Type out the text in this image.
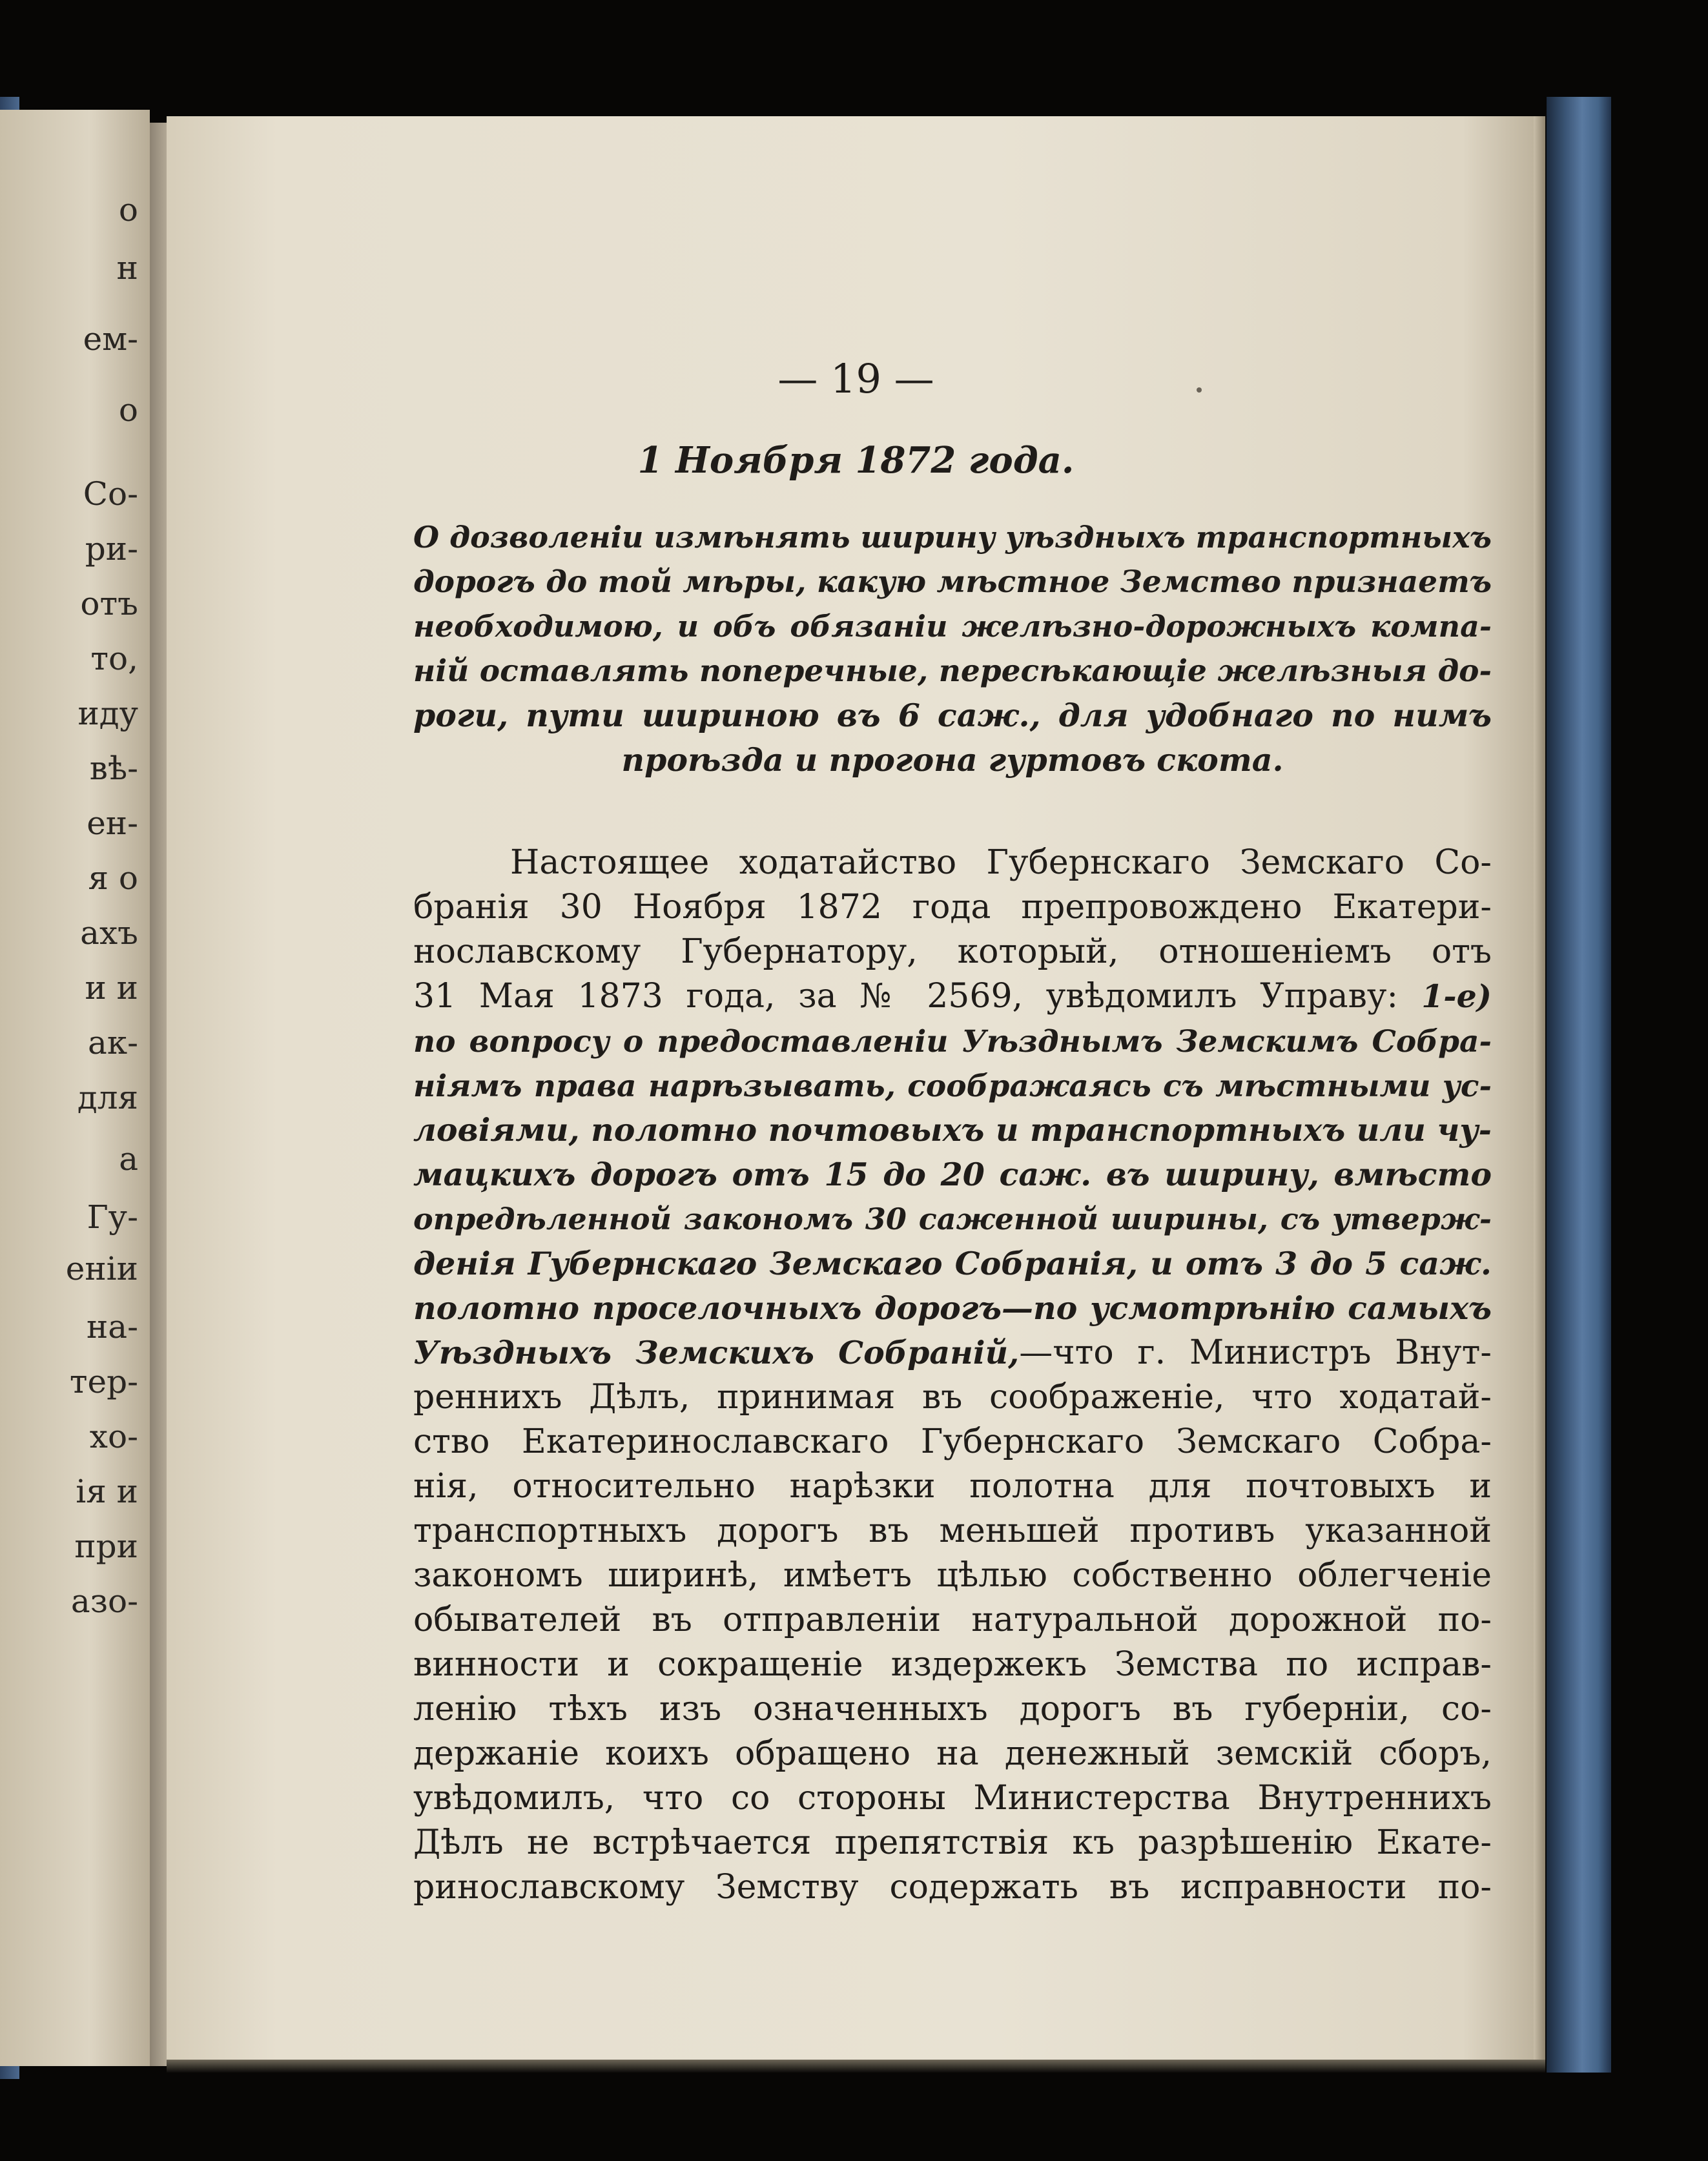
о
н
ем-
о
Со-
ри-
отъ
то,
иду
вѣ-
ен-
я о
ахъ
и и
ак-
для
а
Гу-
еніи
на-
тер-
хо-
ія и
при
азо-
— 19 —
1 Ноября 1872 года.
О дозволеніи измѣнять ширину уѣздныхъ транспортныхъ
дорогъ до той мѣры, какую мѣстное Земство признаетъ
необходимою, и объ обязаніи желѣзно-дорожныхъ компа-
ній оставлять поперечные, пересѣкающіе желѣзныя до-
роги, пути шириною въ 6 саж., для удобнаго по нимъ
проѣзда и прогона гуртовъ скота.
Настоящее ходатайство Губернскаго Земскаго Со-
бранія 30 Ноября 1872 года препровождено Екатери-
нославскому Губернатору, который, отношеніемъ отъ
31 Мая 1873 года, за № 2569, увѣдомилъ Управу: 1-е)
по вопросу о предоставленіи Уѣзднымъ Земскимъ Собра-
ніямъ права нарѣзывать, соображаясь съ мѣстными ус-
ловіями, полотно почтовыхъ и транспортныхъ или чу-
мацкихъ дорогъ отъ 15 до 20 саж. въ ширину, вмѣсто
опредѣленной закономъ 30 саженной ширины, съ утверж-
денія Губернскаго Земскаго Собранія, и отъ 3 до 5 саж.
полотно проселочныхъ дорогъ—по усмотрѣнію самыхъ
Уѣздныхъ Земскихъ Собраній,—что г. Министръ Внут-
реннихъ Дѣлъ, принимая въ соображеніе, что ходатай-
ство Екатеринославскаго Губернскаго Земскаго Собра-
нія, относительно нарѣзки полотна для почтовыхъ и
транспортныхъ дорогъ въ меньшей противъ указанной
закономъ ширинѣ, имѣетъ цѣлью собственно облегченіе
обывателей въ отправленіи натуральной дорожной по-
винности и сокращеніе издержекъ Земства по исправ-
ленію тѣхъ изъ означенныхъ дорогъ въ губерніи, со-
держаніе коихъ обращено на денежный земскій сборъ,
увѣдомилъ, что со стороны Министерства Внутреннихъ
Дѣлъ не встрѣчается препятствія къ разрѣшенію Екате-
ринославскому Земству содержать въ исправности по-
